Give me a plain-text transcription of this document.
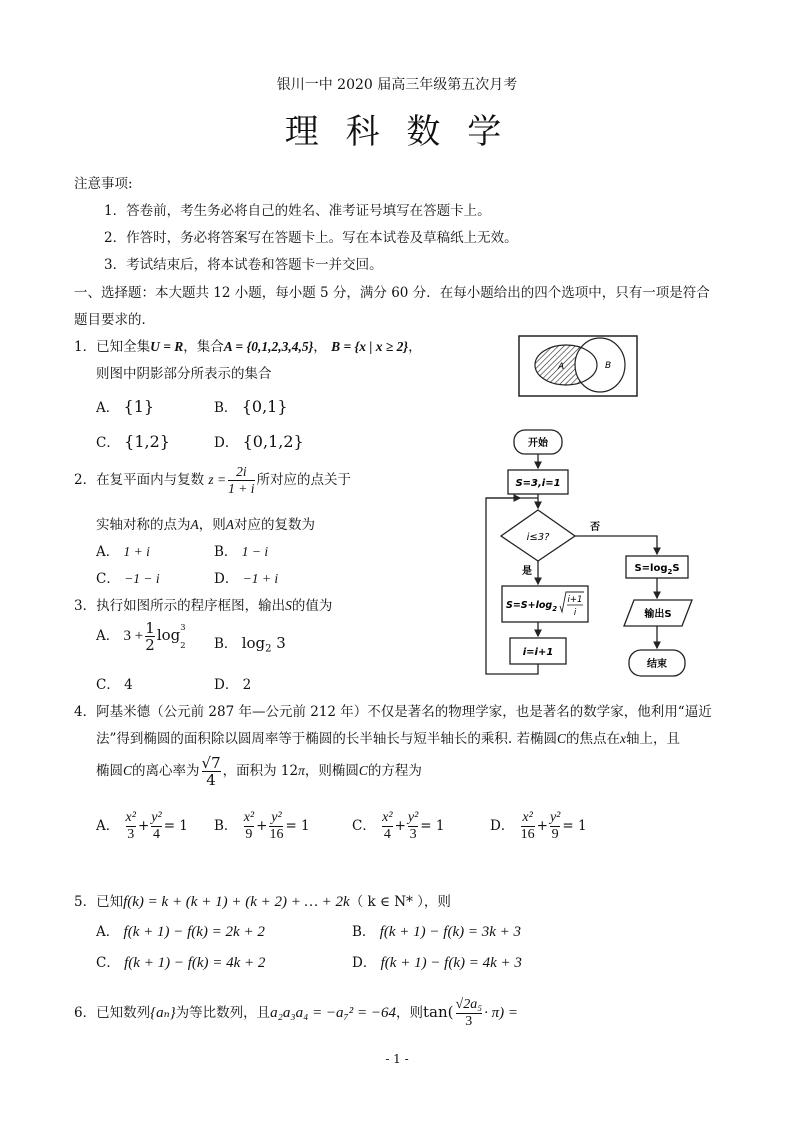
银川一中 2020 届高三年级第五次月考
理 科 数 学
注意事项:
1．答卷前，考生务必将自己的姓名、准考证号填写在答题卡上。
2．作答时，务必将答案写在答题卡上。写在本试卷及草稿纸上无效。
3．考试结束后，将本试卷和答题卡一并交回。
一、选择题：本大题共 12 小题，每小题 5 分，满分 60 分．在每小题给出的四个选项中，只有一项是符合
题目要求的．
1．已知全集U = R，集合A = {0,1,2,3,4,5}， B = {x | x ≥ 2}，
则图中阴影部分所表示的集合
A． {1}	B． {0,1}
C． {1,2}	D． {0,1,2}
A	B
2．在复平面内与复数 $z = \frac{2i}{1 + i}$ 所对应的点关于
实轴对称的点为A，则A对应的复数为
A． 1 + i	B． 1 − i
C． −1 − i	D． −1 + i
3．执行如图所示的程序框图，输出S的值为
A． $3 + \frac{1}{2}$ log
2
3
B． $\log_2 3$
C． 4	D． 2
开始
S=3,i=1
i≤3?
否
是
$S=S+\log_2$
i+1
i
i=i+1
$S=\log_2S$
输出S
结束
4．阿基米德（公元前 287 年—公元前 212 年）不仅是著名的物理学家，也是著名的数学家，他利用“逼近
法”得到椭圆的面积除以圆周率等于椭圆的长半轴长与短半轴长的乘积. 若椭圆C的焦点在x轴上，且
椭圆C的离心率为 $\frac{√7}{4}$ ，面积为 12π，则椭圆C的方程为
A． $\frac{\text{x²}}{3} + \frac{\text{y²}}{4} = 1$ B． $\frac{\text{x²}}{9} + \frac{\text{y²}}{16} = 1$	C． $\frac{\text{x²}}{4} + \frac{\text{y²}}{3} = 1$	D． $\frac{\text{x²}}{16} + \frac{\text{y²}}{9} = 1$
5．已知f(k) = k + (k + 1) + (k + 2) + … + 2k（ k ∈ N* ），则
A． f(k + 1) − f(k) = 2k + 2	B． f(k + 1) − f(k) = 3k + 3
C． f(k + 1) − f(k) = 4k + 2	D． f(k + 1) − f(k) = 4k + 3
6．已知数列{aₙ}为等比数列，且a₂a₃a₄ = −a₇² = −64，则$\tan( \frac{\text{√2a₅}}{3} \cdot \pi)$ =
- 1 -
